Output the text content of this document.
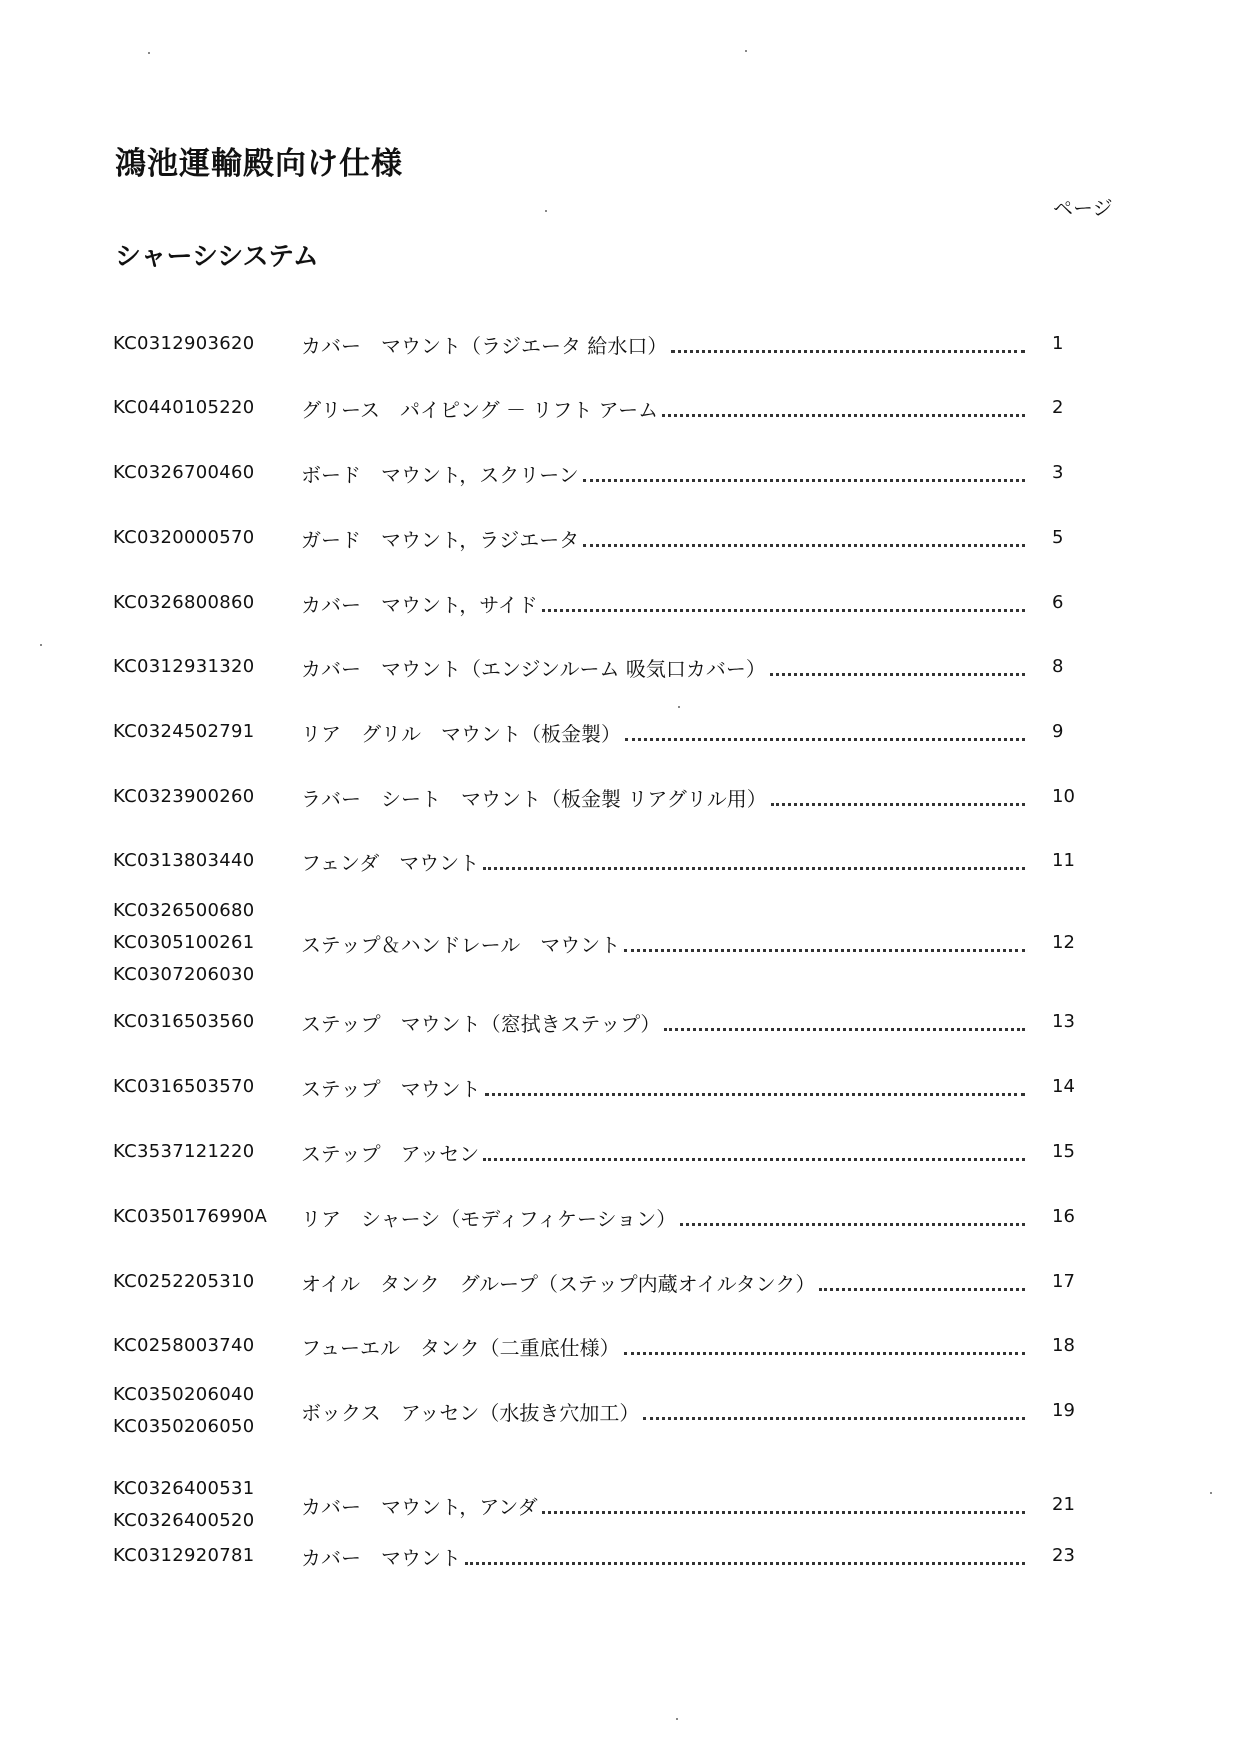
鴻池運輸殿向け仕様
ページ
シャーシシステム
KC0312903620 カバー　マウント（ラジエータ 給水口）	1
KC0440105220 グリース　パイピング － リフト アーム	2
KC0326700460 ボード　マウント，スクリーン	3
KC0320000570 ガード　マウント，ラジエータ	5
KC0326800860 カバー　マウント，サイド	6
KC0312931320 カバー　マウント（エンジンルーム 吸気口カバー）	8
KC0324502791 リア　グリル　マウント（板金製）	9
KC0323900260 ラバー　シート　マウント（板金製 リアグリル用）	10
KC0313803440 フェンダ　マウント	11
KC0326500680
KC0305100261
KC0307206030
ステップ＆ハンドレール　マウント	12
KC0316503560 ステップ　マウント（窓拭きステップ）	13
KC0316503570 ステップ　マウント	14
KC3537121220 ステップ　アッセン	15
KC0350176990A リア　シャーシ（モディフィケーション）	16
KC0252205310 オイル　タンク　グループ（ステップ内蔵オイルタンク）	17
KC0258003740 フューエル　タンク（二重底仕様）	18
KC0350206040
KC0350206050
ボックス　アッセン（水抜き穴加工）	19
KC0326400531
KC0326400520
カバー　マウント，アンダ	21
KC0312920781 カバー　マウント	23
